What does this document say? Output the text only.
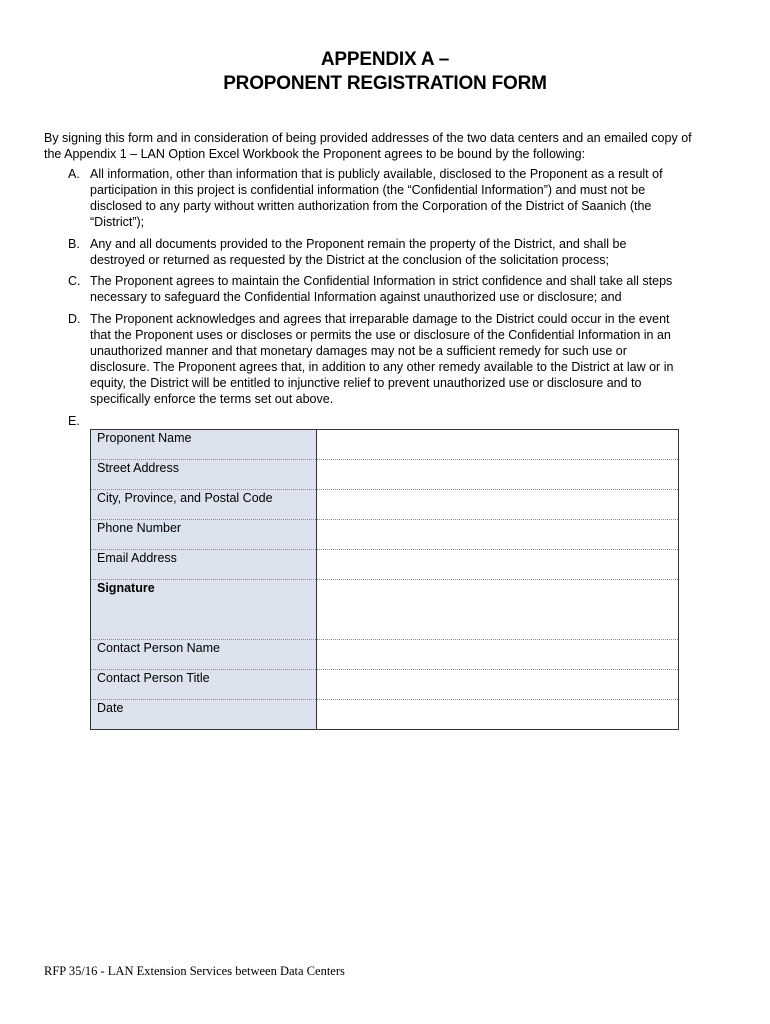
APPENDIX A –
PROPONENT REGISTRATION FORM
By signing this form and in consideration of being provided addresses of the two data centers and an emailed copy of the Appendix 1 – LAN Option Excel Workbook the Proponent agrees to be bound by the following:
A. All information, other than information that is publicly available, disclosed to the Proponent as a result of participation in this project is confidential information (the “Confidential Information”) and must not be disclosed to any party without written authorization from the Corporation of the District of Saanich (the “District”);
B. Any and all documents provided to the Proponent remain the property of the District, and shall be destroyed or returned as requested by the District at the conclusion of the solicitation process;
C. The Proponent agrees to maintain the Confidential Information in strict confidence and shall take all steps necessary to safeguard the Confidential Information against unauthorized use or disclosure; and
D. The Proponent acknowledges and agrees that irreparable damage to the District could occur in the event that the Proponent uses or discloses or permits the use or disclosure of the Confidential Information in an unauthorized manner and that monetary damages may not be a sufficient remedy for such use or disclosure. The Proponent agrees that, in addition to any other remedy available to the District at law or in equity, the District will be entitled to injunctive relief to prevent unauthorized use or disclosure and to specifically enforce the terms set out above.
E.
Proponent Name	
Street Address	
City, Province, and Postal Code	
Phone Number	
Email Address	
Signature	
Contact Person Name	
Contact Person Title	
Date	
RFP 35/16 - LAN Extension Services between Data Centers
